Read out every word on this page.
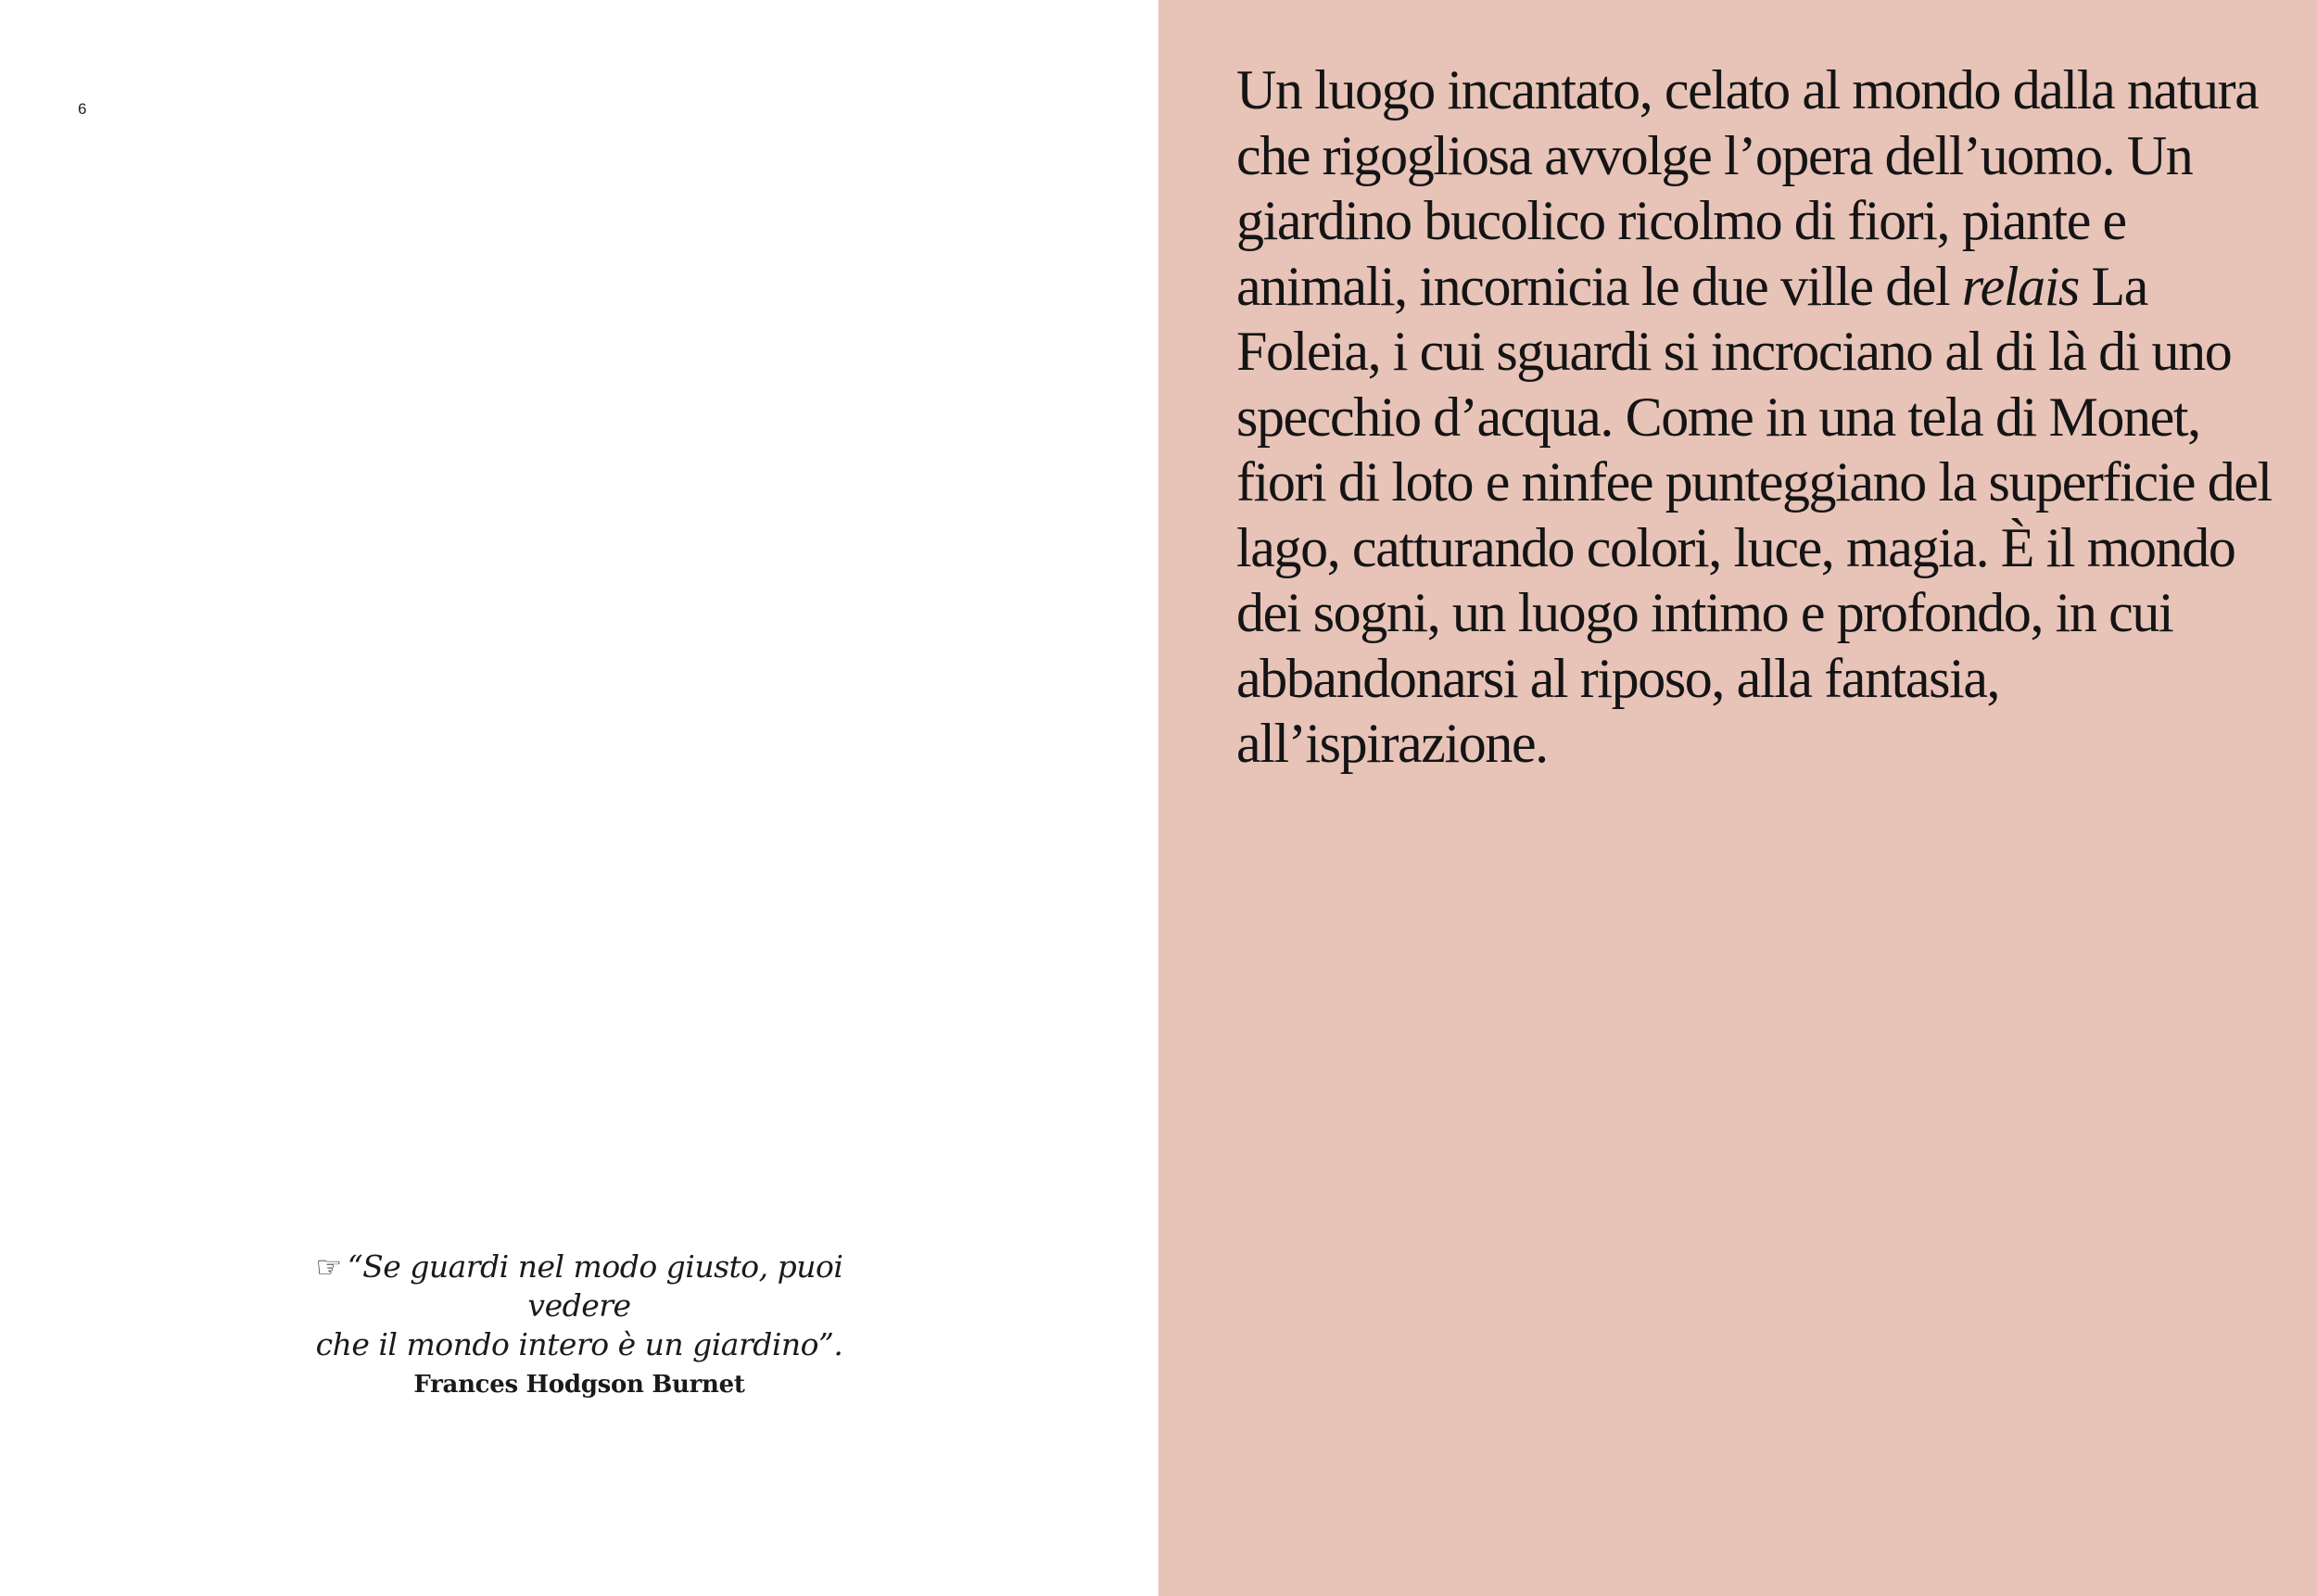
6
☞ “Se guardi nel modo giusto, puoi vedere
che il mondo intero è un giardino”.
Frances Hodgson Burnet

Un luogo incantato, celato al mondo dalla natura che rigogliosa avvolge l’opera dell’uomo. Un giardino bucolico ricolmo di fiori, piante e animali, incornicia le due ville del relais La Foleia, i cui sguardi si incrociano al di là di uno specchio d’acqua. Come in una tela di Monet, fiori di loto e ninfee punteggiano la superficie del lago, catturando colori, luce, magia. È il mondo dei sogni, un luogo intimo e profondo, in cui abbandonarsi al riposo, alla fantasia, all’ispirazione.
